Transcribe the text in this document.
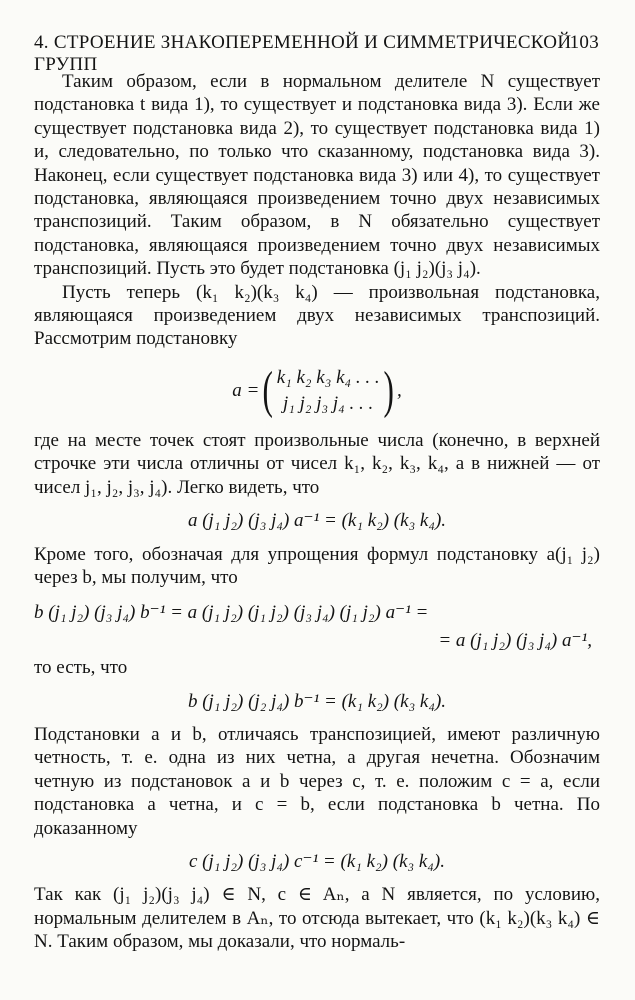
4. СТРОЕНИЕ ЗНАКОПЕРЕМЕННОЙ И СИММЕТРИЧЕСКОЙ ГРУПП
103

Таким образом, если в нормальном делителе N существует подстановка t вида 1), то существует и подстановка вида 3). Если же существует подстановка вида 2), то существует подстановка вида 1) и, следовательно, по только что сказанному, подстановка вида 3). Наконец, если существует подстановка вида 3) или 4), то существует подстановка, являющаяся произведением точно двух независимых транспозиций. Таким образом, в N обязательно существует подстановка, являющаяся произведением точно двух независимых транспозиций. Пусть это будет подстановка (j₁ j₂)(j₃ j₄).

Пусть теперь (k₁ k₂)(k₃ k₄) — произвольная подстановка, являющаяся произведением двух независимых транспозиций. Рассмотрим подстановку

a = ( k₁ k₂ k₃ k₄ . . .
j₁ j₂ j₃ j₄ . . . ) ,

где на месте точек стоят произвольные числа (конечно, в верхней строчке эти числа отличны от чисел k₁, k₂, k₃, k₄, а в нижней — от чисел j₁, j₂, j₃, j₄). Легко видеть, что

a (j₁ j₂) (j₃ j₄) a⁻¹ = (k₁ k₂) (k₃ k₄).

Кроме того, обозначая для упрощения формул подстановку a(j₁ j₂) через b, мы получим, что

b (j₁ j₂) (j₃ j₄) b⁻¹ = a (j₁ j₂) (j₁ j₂) (j₃ j₄) (j₁ j₂) a⁻¹ =
= a (j₁ j₂) (j₃ j₄) a⁻¹,

то есть, что

b (j₁ j₂) (j₂ j₄) b⁻¹ = (k₁ k₂) (k₃ k₄).

Подстановки a и b, отличаясь транспозицией, имеют различную четность, т. е. одна из них четна, а другая нечетна. Обозначим четную из подстановок a и b через c, т. е. положим c = a, если подстановка a четна, и c = b, если подстановка b четна. По доказанному

c (j₁ j₂) (j₃ j₄) c⁻¹ = (k₁ k₂) (k₃ k₄).

Так как (j₁ j₂)(j₃ j₄) ∈ N, c ∈ Aₙ, а N является, по условию, нормальным делителем в Aₙ, то отсюда вытекает, что (k₁ k₂)(k₃ k₄) ∈ N. Таким образом, мы доказали, что нормаль-
